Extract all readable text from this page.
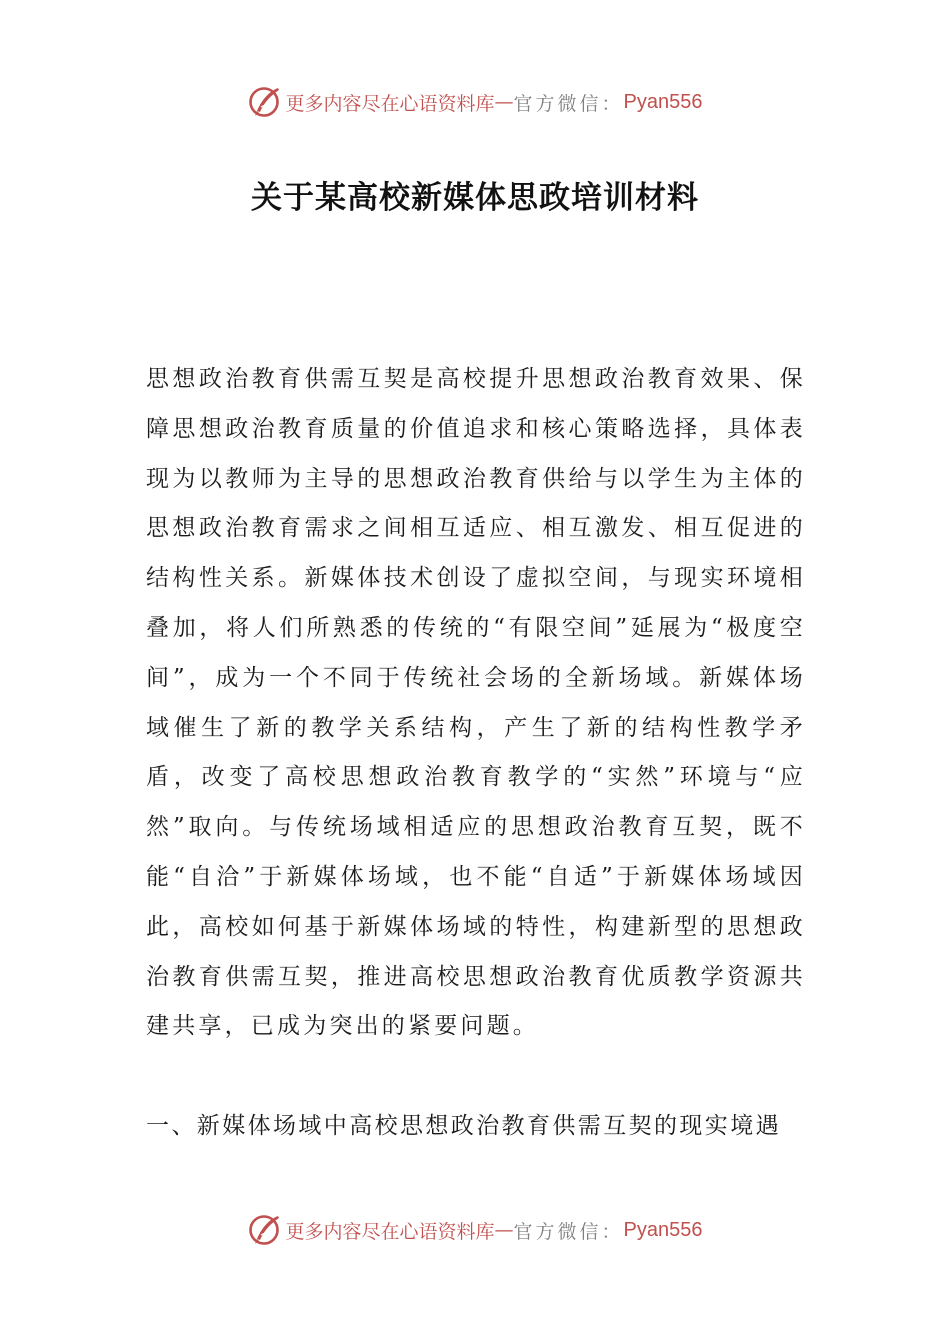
更多内容尽在心语资料库 — 官方微信： Pyan556
关于某高校新媒体思政培训材料

思想政治教育供需互契是高校提升思想政治教育效果、保障思想政治教育质量的价值追求和核心策略选择，具体表现为以教师为主导的思想政治教育供给与以学生为主体的思想政治教育需求之间相互适应、相互激发、相互促进的结构性关系。新媒体技术创设了虚拟空间，与现实环境相叠加，将人们所熟悉的传统的“有限空间”延展为“极度空间”，成为一个不同于传统社会场的全新场域。新媒体场域催生了新的教学关系结构，产生了新的结构性教学矛盾，改变了高校思想政治教育教学的“实然”环境与“应然”取向。与传统场域相适应的思想政治教育互契，既不能“自洽”于新媒体场域，也不能“自适”于新媒体场域因此，高校如何基于新媒体场域的特性，构建新型的思想政治教育供需互契，推进高校思想政治教育优质教学资源共建共享，已成为突出的紧要问题。

一、新媒体场域中高校思想政治教育供需互契的现实境遇
更多内容尽在心语资料库 — 官方微信： Pyan556
